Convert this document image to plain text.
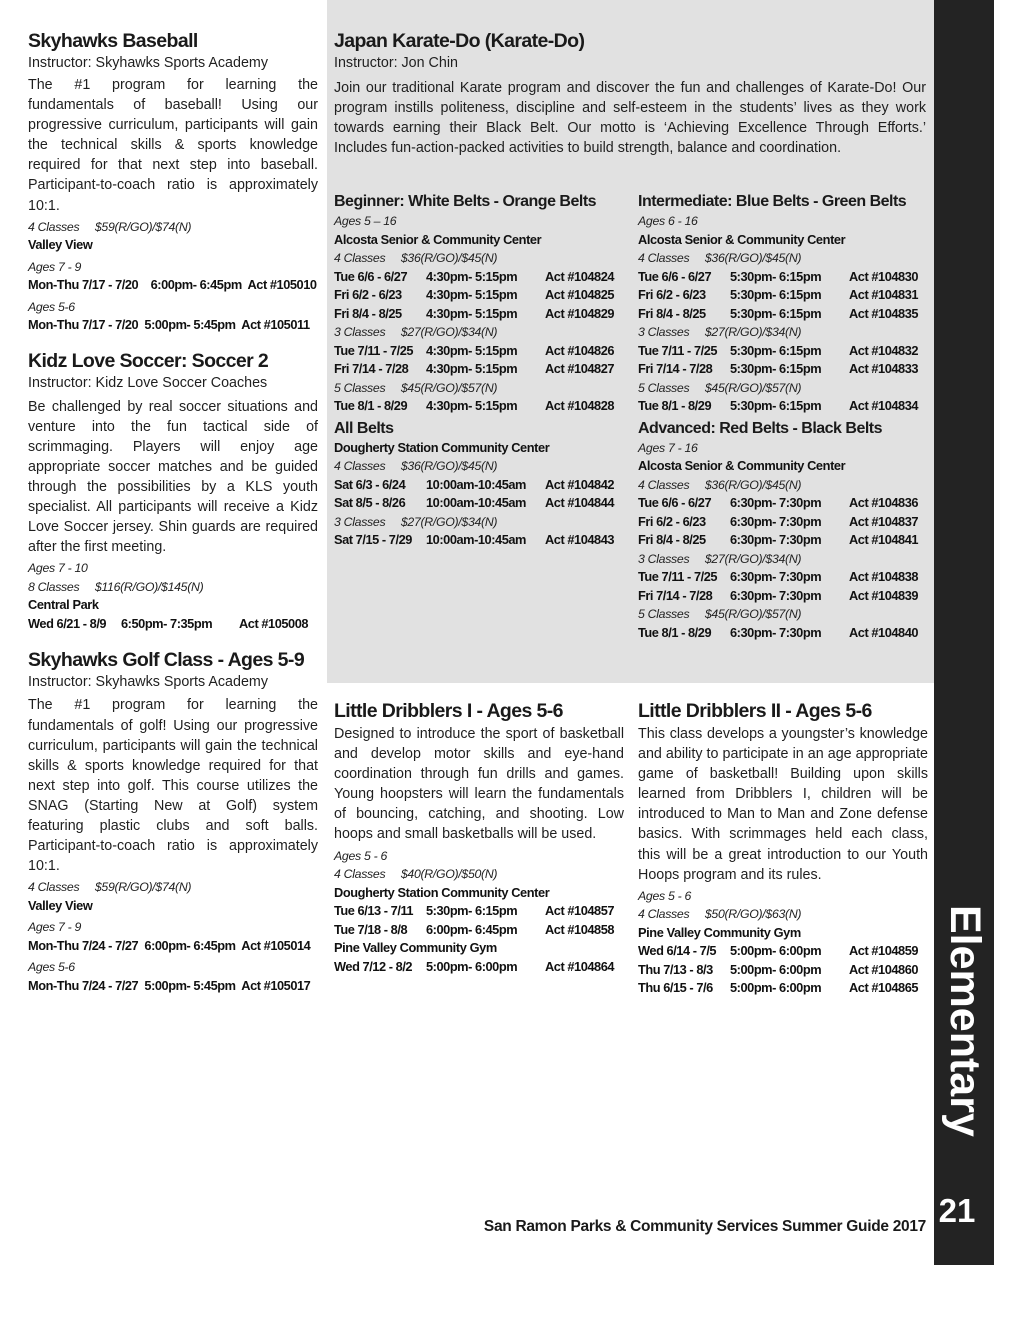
Skyhawks Baseball

Instructor: Skyhawks Sports Academy

The #1 program for learning the fundamentals of baseball! Using our progressive curriculum, participants will gain the technical skills & sports knowledge required for that next step into baseball. Participant-to-coach ratio is approximately 10:1.

4 Classes     $59(R/GO)/$74(N)
Valley View
Ages 7 - 9
Mon-Thu 7/17 - 7/20    6:00pm- 6:45pm  Act #105010
Ages 5-6
Mon-Thu 7/17 - 7/20  5:00pm- 5:45pm  Act #105011
Kidz Love Soccer: Soccer 2

Instructor: Kidz Love Soccer Coaches

Be challenged by real soccer situations and venture into the fun tactical side of scrimmaging. Players will enjoy age appropriate soccer matches and be guided through the possibilities by a KLS youth specialist. All participants will receive a Kidz Love Soccer jersey. Shin guards are required after the first meeting.

Ages 7 - 10
8 Classes     $116(R/GO)/$145(N)
Central Park
Wed 6/21 - 8/9	6:50pm- 7:35pm	Act #105008
Skyhawks Golf Class - Ages 5-9

Instructor: Skyhawks Sports Academy

The #1 program for learning the fundamentals of golf! Using our progressive curriculum, participants will gain the technical skills & sports knowledge required for that next step into golf. This course utilizes the SNAG (Starting New at Golf) system featuring plastic clubs and soft balls. Participant-to-coach ratio is approximately 10:1.

4 Classes     $59(R/GO)/$74(N)
Valley View
Ages 7 - 9
Mon-Thu 7/24 - 7/27  6:00pm- 6:45pm  Act #105014
Ages 5-6
Mon-Thu 7/24 - 7/27  5:00pm- 5:45pm  Act #105017
Japan Karate-Do (Karate-Do)

Instructor: Jon Chin

Join our traditional Karate program and discover the fun and challenges of Karate-Do! Our program instills politeness, discipline and self-esteem in the students’ lives as they work towards earning their Black Belt. Our motto is ‘Achieving Excellence Through Efforts.’ Includes fun-action-packed activities to build strength, balance and coordination.

Beginner: White Belts - Orange Belts
Ages 5 – 16
Alcosta Senior & Community Center
4 Classes     $36(R/GO)/$45(N)
Tue 6/6 - 6/27	4:30pm- 5:15pm	Act #104824
Fri 6/2 - 6/23	4:30pm- 5:15pm	Act #104825
Fri 8/4 - 8/25	4:30pm- 5:15pm	Act #104829
3 Classes     $27(R/GO)/$34(N)
Tue 7/11 - 7/25	4:30pm- 5:15pm	Act #104826
Fri 7/14 - 7/28	4:30pm- 5:15pm	Act #104827
5 Classes     $45(R/GO)/$57(N)
Tue 8/1 - 8/29	4:30pm- 5:15pm	Act #104828
All Belts
Dougherty Station Community Center
4 Classes     $36(R/GO)/$45(N)
Sat 6/3 - 6/24	10:00am-10:45am	Act #104842
Sat 8/5 - 8/26	10:00am-10:45am	Act #104844
3 Classes     $27(R/GO)/$34(N)
Sat 7/15 - 7/29	10:00am-10:45am	Act #104843
Intermediate: Blue Belts - Green Belts
Ages 6 - 16
Alcosta Senior & Community Center
4 Classes     $36(R/GO)/$45(N)
Tue 6/6 - 6/27	5:30pm- 6:15pm	Act #104830
Fri 6/2 - 6/23	5:30pm- 6:15pm	Act #104831
Fri 8/4 - 8/25	5:30pm- 6:15pm	Act #104835
3 Classes     $27(R/GO)/$34(N)
Tue 7/11 - 7/25	5:30pm- 6:15pm	Act #104832
Fri 7/14 - 7/28	5:30pm- 6:15pm	Act #104833
5 Classes     $45(R/GO)/$57(N)
Tue 8/1 - 8/29	5:30pm- 6:15pm	Act #104834
Advanced: Red Belts - Black Belts
Ages 7 - 16
Alcosta Senior & Community Center
4 Classes     $36(R/GO)/$45(N)
Tue 6/6 - 6/27	6:30pm- 7:30pm	Act #104836
Fri 6/2 - 6/23	6:30pm- 7:30pm	Act #104837
Fri 8/4 - 8/25	6:30pm- 7:30pm	Act #104841
3 Classes     $27(R/GO)/$34(N)
Tue 7/11 - 7/25	6:30pm- 7:30pm	Act #104838
Fri 7/14 - 7/28	6:30pm- 7:30pm	Act #104839
5 Classes     $45(R/GO)/$57(N)
Tue 8/1 - 8/29	6:30pm- 7:30pm	Act #104840
Little Dribblers I - Ages 5-6

Designed to introduce the sport of basketball and develop motor skills and eye-hand coordination through fun drills and games. Young hoopsters will learn the fundamentals of bouncing, catching, and shooting. Low hoops and small basketballs will be used.

Ages 5 - 6
4 Classes     $40(R/GO)/$50(N)
Dougherty Station Community Center
Tue 6/13 - 7/11	5:30pm- 6:15pm	Act #104857
Tue 7/18 - 8/8	6:00pm- 6:45pm	Act #104858
Pine Valley Community Gym
Wed 7/12 - 8/2	5:00pm- 6:00pm	Act #104864
Little Dribblers II - Ages 5-6

This class develops a youngster’s knowledge and ability to participate in an age appropriate game of basketball! Building upon skills learned from Dribblers I, children will be introduced to Man to Man and Zone defense basics. With scrimmages held each class, this will be a great introduction to our Youth Hoops program and its rules.

Ages 5 - 6
4 Classes     $50(R/GO)/$63(N)
Pine Valley Community Gym
Wed 6/14 - 7/5	5:00pm- 6:00pm	Act #104859
Thu 7/13 - 8/3	5:00pm- 6:00pm	Act #104860
Thu 6/15 - 7/6	5:00pm- 6:00pm	Act #104865 Elementary
21
San Ramon Parks & Community Services Summer Guide 2017
